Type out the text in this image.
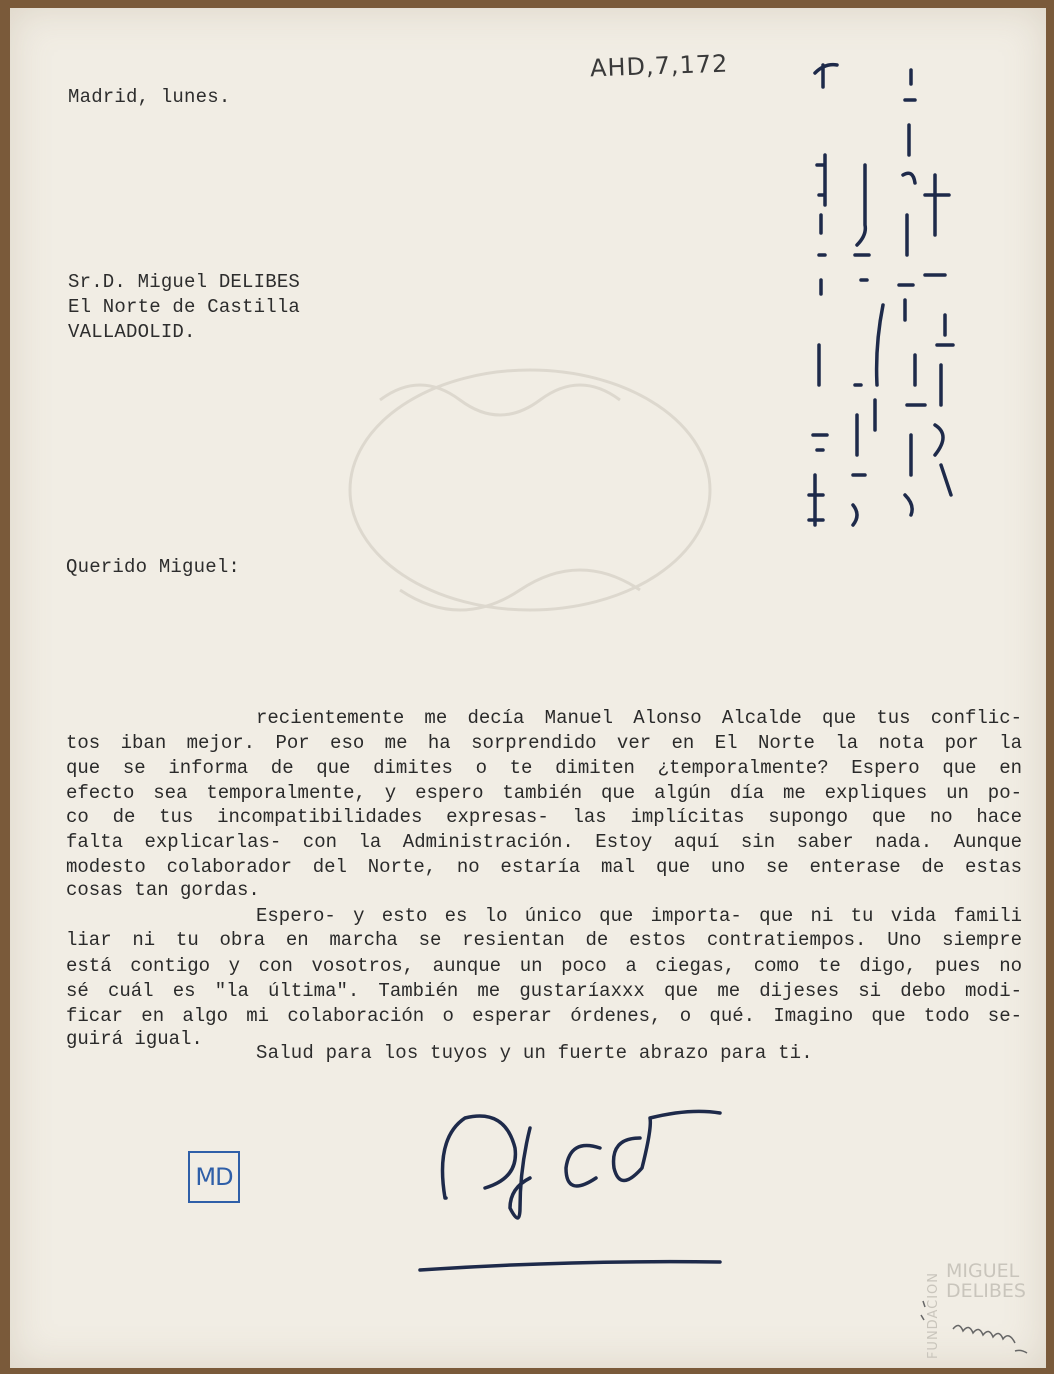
AHD,7,172
Madrid, lunes.
Sr.D. Miguel DELIBES
El Norte de Castilla
VALLADOLID.
Querido Miguel:
recientemente me decía Manuel Alonso Alcalde que tus conflic-
tos iban mejor. Por eso me ha sorprendido ver en El Norte la nota por la
que se informa de que dimites o te dimiten ¿temporalmente? Espero que en
efecto sea temporalmente, y espero también que algún día me expliques un po-
co de tus incompatibilidades expresas- las implícitas supongo que no hace
falta explicarlas- con la Administración. Estoy aquí sin saber nada. Aunque
modesto colaborador del Norte, no estaría mal que uno se enterase de estas
cosas tan gordas.
Espero- y esto es lo único que importa- que ni tu vida famili
liar ni tu obra en marcha se resientan de estos contratiempos. Uno siempre
está contigo y con vosotros, aunque un poco a ciegas, como te digo, pues no
sé cuál es "la última". También me gustaríaxxx que me dijeses si debo modi-
ficar en algo mi colaboración o esperar órdenes, o qué. Imagino que todo se-
guirá igual.
Salud para los tuyos y un fuerte abrazo para ti.
MD
FUNDACION
MIGUEL
DELIBES
